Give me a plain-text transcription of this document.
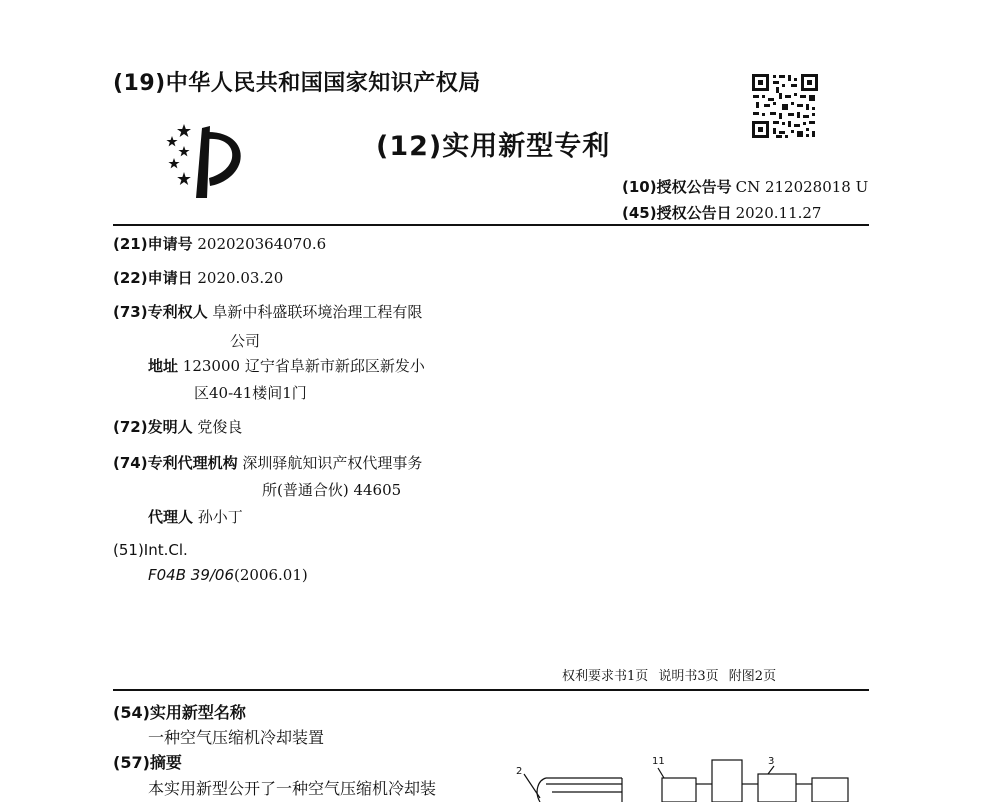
(19)中华人民共和国国家知识产权局
(12)实用新型专利
(10)授权公告号 CN 212028018 U
(45)授权公告日 2020.11.27
(21)申请号 202020364070.6
(22)申请日 2020.03.20
(73)专利权人 阜新中科盛联环境治理工程有限
公司
地址 123000 辽宁省阜新市新邱区新发小
区40-41楼间1门
(72)发明人 党俊良
(74)专利代理机构 深圳驿航知识产权代理事务
所(普通合伙) 44605
代理人 孙小丁
(51)Int.Cl.
F04B 39/06(2006.01)
权利要求书1页 说明书3页 附图2页
(54)实用新型名称
一种空气压缩机冷却装置
(57)摘要
本实用新型公开了一种空气压缩机冷却装
2
11	3
